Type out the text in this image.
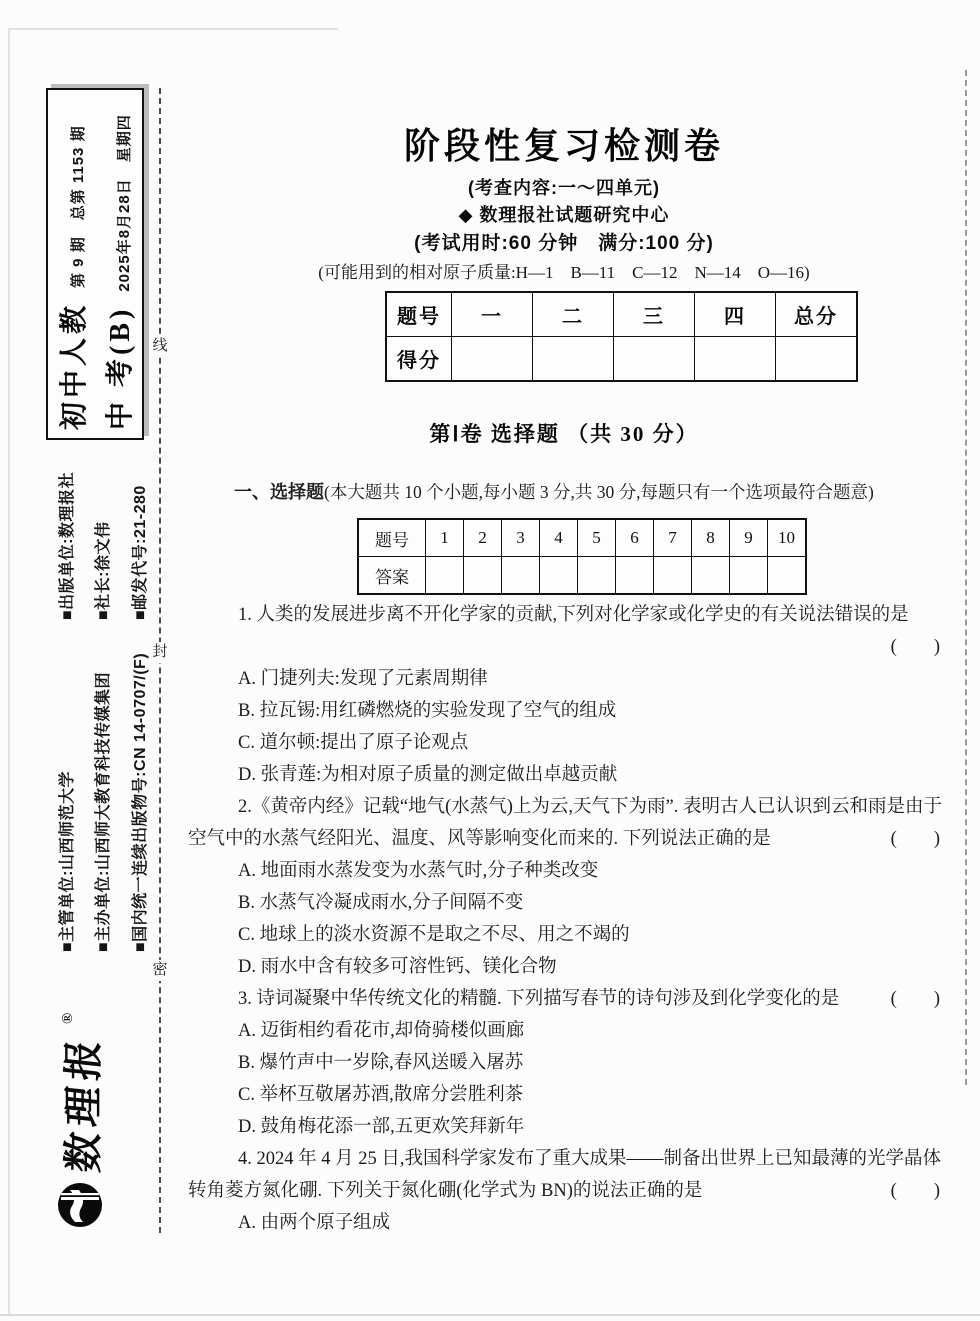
初中人教
第 9 期　总第 1153 期
中 考(B)
2025年8月28日　星期四
线
封
密
■出版单位:数理报社 ■社长:徐文伟 ■邮发代号:21-280
■主管单位:山西师范大学 ■主办单位:山西师大教育科技传媒集团 ■国内统一连续出版物号:CN 14-0707/(F)
数理报
®
阶段性复习检测卷
(考查内容:一～四单元)
◆ 数理报社试题研究中心
(考试用时:60 分钟　满分:100 分)
(可能用到的相对原子质量:H—1　B—11　C—12　N—14　O—16)
题号	一	二	三	四	总分
得分					
第Ⅰ卷 选择题 （共 30 分）
一、选择题(本大题共 10 个小题,每小题 3 分,共 30 分,每题只有一个选项最符合题意)
题号	1	2	3	4	5	6	7	8	9	10
答案										
1. 人类的发展进步离不开化学家的贡献,下列对化学家或化学史的有关说法错误的是
(　　)
A. 门捷列夫:发现了元素周期律
B. 拉瓦锡:用红磷燃烧的实验发现了空气的组成
C. 道尔顿:提出了原子论观点
D. 张青莲:为相对原子质量的测定做出卓越贡献
2.《黄帝内经》记载“地气(水蒸气)上为云,天气下为雨”. 表明古人已认识到云和雨是由于
空气中的水蒸气经阳光、温度、风等影响变化而来的. 下列说法正确的是	(　　)
A. 地面雨水蒸发变为水蒸气时,分子种类改变
B. 水蒸气冷凝成雨水,分子间隔不变
C. 地球上的淡水资源不是取之不尽、用之不竭的
D. 雨水中含有较多可溶性钙、镁化合物
3. 诗词凝聚中华传统文化的精髓. 下列描写春节的诗句涉及到化学变化的是	(　　)
A. 迈街相约看花市,却倚骑楼似画廊
B. 爆竹声中一岁除,春风送暖入屠苏
C. 举杯互敬屠苏酒,散席分尝胜利茶
D. 鼓角梅花添一部,五更欢笑拜新年
4. 2024 年 4 月 25 日,我国科学家发布了重大成果——制备出世界上已知最薄的光学晶体
转角菱方氮化硼. 下列关于氮化硼(化学式为 BN)的说法正确的是	(　　)
A. 由两个原子组成
